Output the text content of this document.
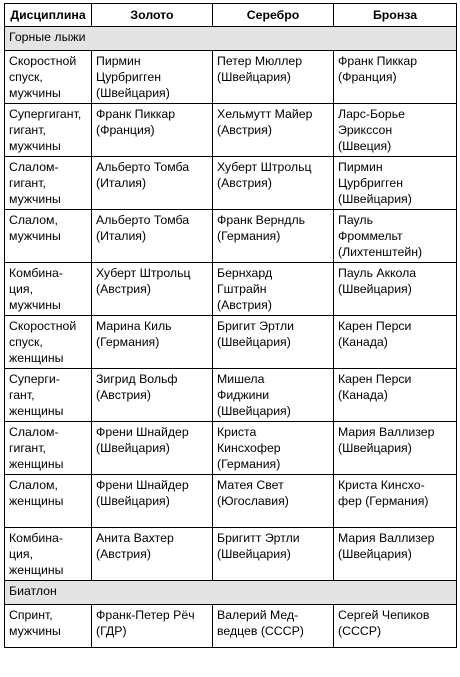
Дисциплина	Золото	Серебро	Бронза
Горные лыжи			

Скоростной
спуск,
мужчины	Пирмин
Цурбригген
(Швейцария)	Петер Мюллер
(Швейцария)	Франк Пиккар
(Франция)

Супергигант,
гигант,
мужчины	Франк Пиккар
(Франция)	Хельмутт Майер
(Австрия)	Ларс-Борье
Эрикссон
(Швеция)

Слалом-
гигант,
мужчины	Альберто Томба
(Италия)	Хуберт Штрольц
(Австрия)	Пирмин
Цурбригген
(Швейцария)

Слалом,
мужчины	Альберто Томба
(Италия)	Франк Верндль
(Германия)	Пауль
Фроммельт
(Лихтенштейн)

Комбина-
ция,
мужчины	Хуберт Штрольц
(Австрия)	Бернхард
Гштрайн
(Австрия)	Пауль Акколa
(Швейцария)

Скоростной
спуск,
женщины	Марина Киль
(Германия)	Бригит Эртли
(Швейцария)	Карен Перси
(Канада)

Суперги-
гант,
женщины	Зигрид Вольф
(Австрия)	Мишела
Фиджини
(Швейцария)	Карен Перси
(Канада)

Слалом-
гигант,
женщины	Френи Шнайдер
(Швейцария)	Криста
Кинсхофер
(Германия)	Мария Валлизер
(Швейцария)

Слалом,
женщины	Френи Шнайдер
(Швейцария)	Матея Свет
(Югославия)	Криста Кинсхо-
фер (Германия)

Комбина-
ция,
женщины	Анита Вахтер
(Австрия)	Бригитт Эртли
(Швейцария)	Мария Валлизер
(Швейцария)

Биатлон			

Спринт,
мужчины	Франк-Петер Рёч
(ГДР)	Валерий Мед-
ведцев (СССР)	Сергей Чепиков
(СССР)
